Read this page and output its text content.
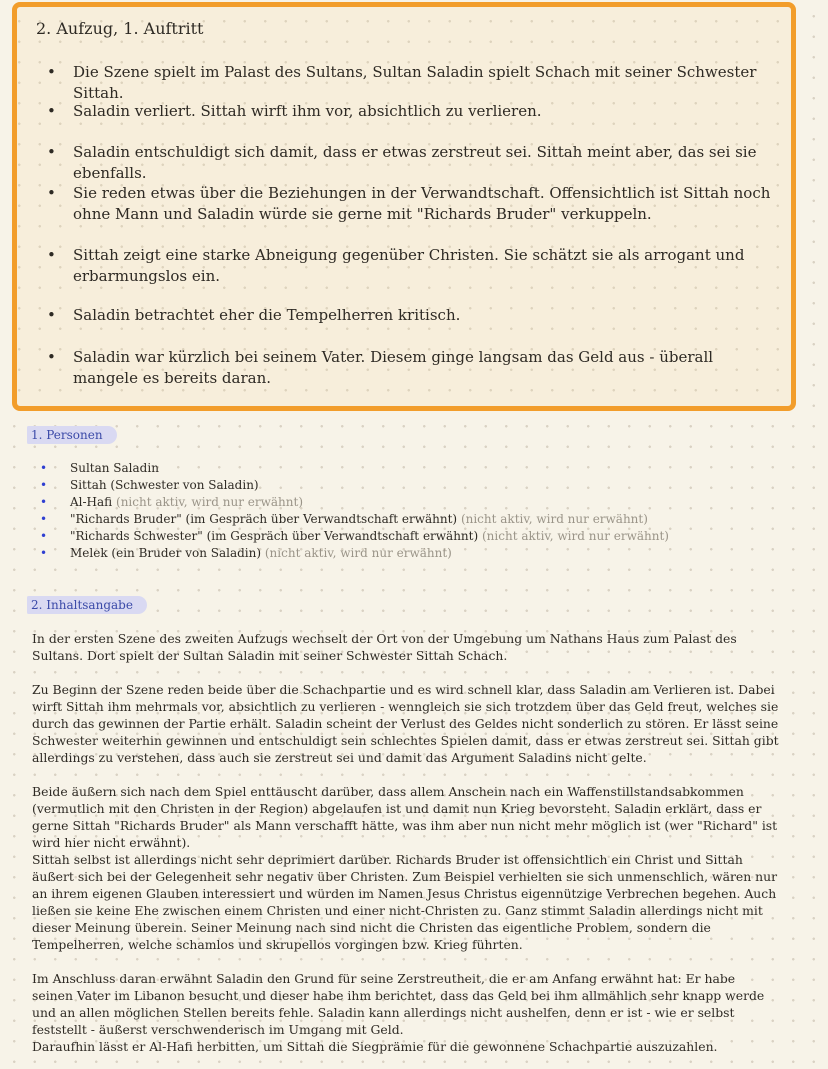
2. Aufzug, 1. Auftritt
• Die Szene spielt im Palast des Sultans, Sultan Saladin spielt Schach mit seiner Schwester Sittah.
• Saladin verliert. Sittah wirft ihm vor, absichtlich zu verlieren.
• Saladin entschuldigt sich damit, dass er etwas zerstreut sei. Sittah meint aber, das sei sie ebenfalls.
• Sie reden etwas über die Beziehungen in der Verwandtschaft. Offensichtlich ist Sittah noch ohne Mann und Saladin würde sie gerne mit "Richards Bruder" verkuppeln.
• Sittah zeigt eine starke Abneigung gegenüber Christen. Sie schätzt sie als arrogant und erbarmungslos ein.
• Saladin betrachtet eher die Tempelherren kritisch.
• Saladin war kürzlich bei seinem Vater. Diesem ginge langsam das Geld aus - überall mangele es bereits daran.
1. Personen
• Sultan Saladin
• Sittah (Schwester von Saladin)
• Al-Hafi (nicht aktiv, wird nur erwähnt)
• "Richards Bruder" (im Gespräch über Verwandtschaft erwähnt) (nicht aktiv, wird nur erwähnt)
• "Richards Schwester" (im Gespräch über Verwandtschaft erwähnt) (nicht aktiv, wird nur erwähnt)
• Melek (ein Bruder von Saladin) (nicht aktiv, wird nur erwähnt)
2. Inhaltsangabe

In der ersten Szene des zweiten Aufzugs wechselt der Ort von der Umgebung um Nathans Haus zum Palast des Sultans. Dort spielt der Sultan Saladin mit seiner Schwester Sittah Schach.

Zu Beginn der Szene reden beide über die Schachpartie und es wird schnell klar, dass Saladin am Verlieren ist. Dabei wirft Sittah ihm mehrmals vor, absichtlich zu verlieren - wenngleich sie sich trotzdem über das Geld freut, welches sie durch das gewinnen der Partie erhält. Saladin scheint der Verlust des Geldes nicht sonderlich zu stören. Er lässt seine Schwester weiterhin gewinnen und entschuldigt sein schlechtes Spielen damit, dass er etwas zerstreut sei. Sittah gibt allerdings zu verstehen, dass auch sie zerstreut sei und damit das Argument Saladins nicht gelte.

Beide äußern sich nach dem Spiel enttäuscht darüber, dass allem Anschein nach ein Waffenstillstandsabkommen (vermutlich mit den Christen in der Region) abgelaufen ist und damit nun Krieg bevorsteht. Saladin erklärt, dass er gerne Sittah "Richards Bruder" als Mann verschafft hätte, was ihm aber nun nicht mehr möglich ist (wer "Richard" ist wird hier nicht erwähnt).

Sittah selbst ist allerdings nicht sehr deprimiert darüber. Richards Bruder ist offensichtlich ein Christ und Sittah äußert sich bei der Gelegenheit sehr negativ über Christen. Zum Beispiel verhielten sie sich unmenschlich, wären nur an ihrem eigenen Glauben interessiert und würden im Namen Jesus Christus eigennützige Verbrechen begehen. Auch ließen sie keine Ehe zwischen einem Christen und einer nicht-Christen zu. Ganz stimmt Saladin allerdings nicht mit dieser Meinung überein. Seiner Meinung nach sind nicht die Christen das eigentliche Problem, sondern die Tempelherren, welche schamlos und skrupellos vorgingen bzw. Krieg führten.

Im Anschluss daran erwähnt Saladin den Grund für seine Zerstreutheit, die er am Anfang erwähnt hat: Er habe seinen Vater im Libanon besucht und dieser habe ihm berichtet, dass das Geld bei ihm allmählich sehr knapp werde und an allen möglichen Stellen bereits fehle. Saladin kann allerdings nicht aushelfen, denn er ist - wie er selbst feststellt - äußerst verschwenderisch im Umgang mit Geld.

Daraufhin lässt er Al-Hafi herbitten, um Sittah die Siegprämie für die gewonnene Schachpartie auszuzahlen.
